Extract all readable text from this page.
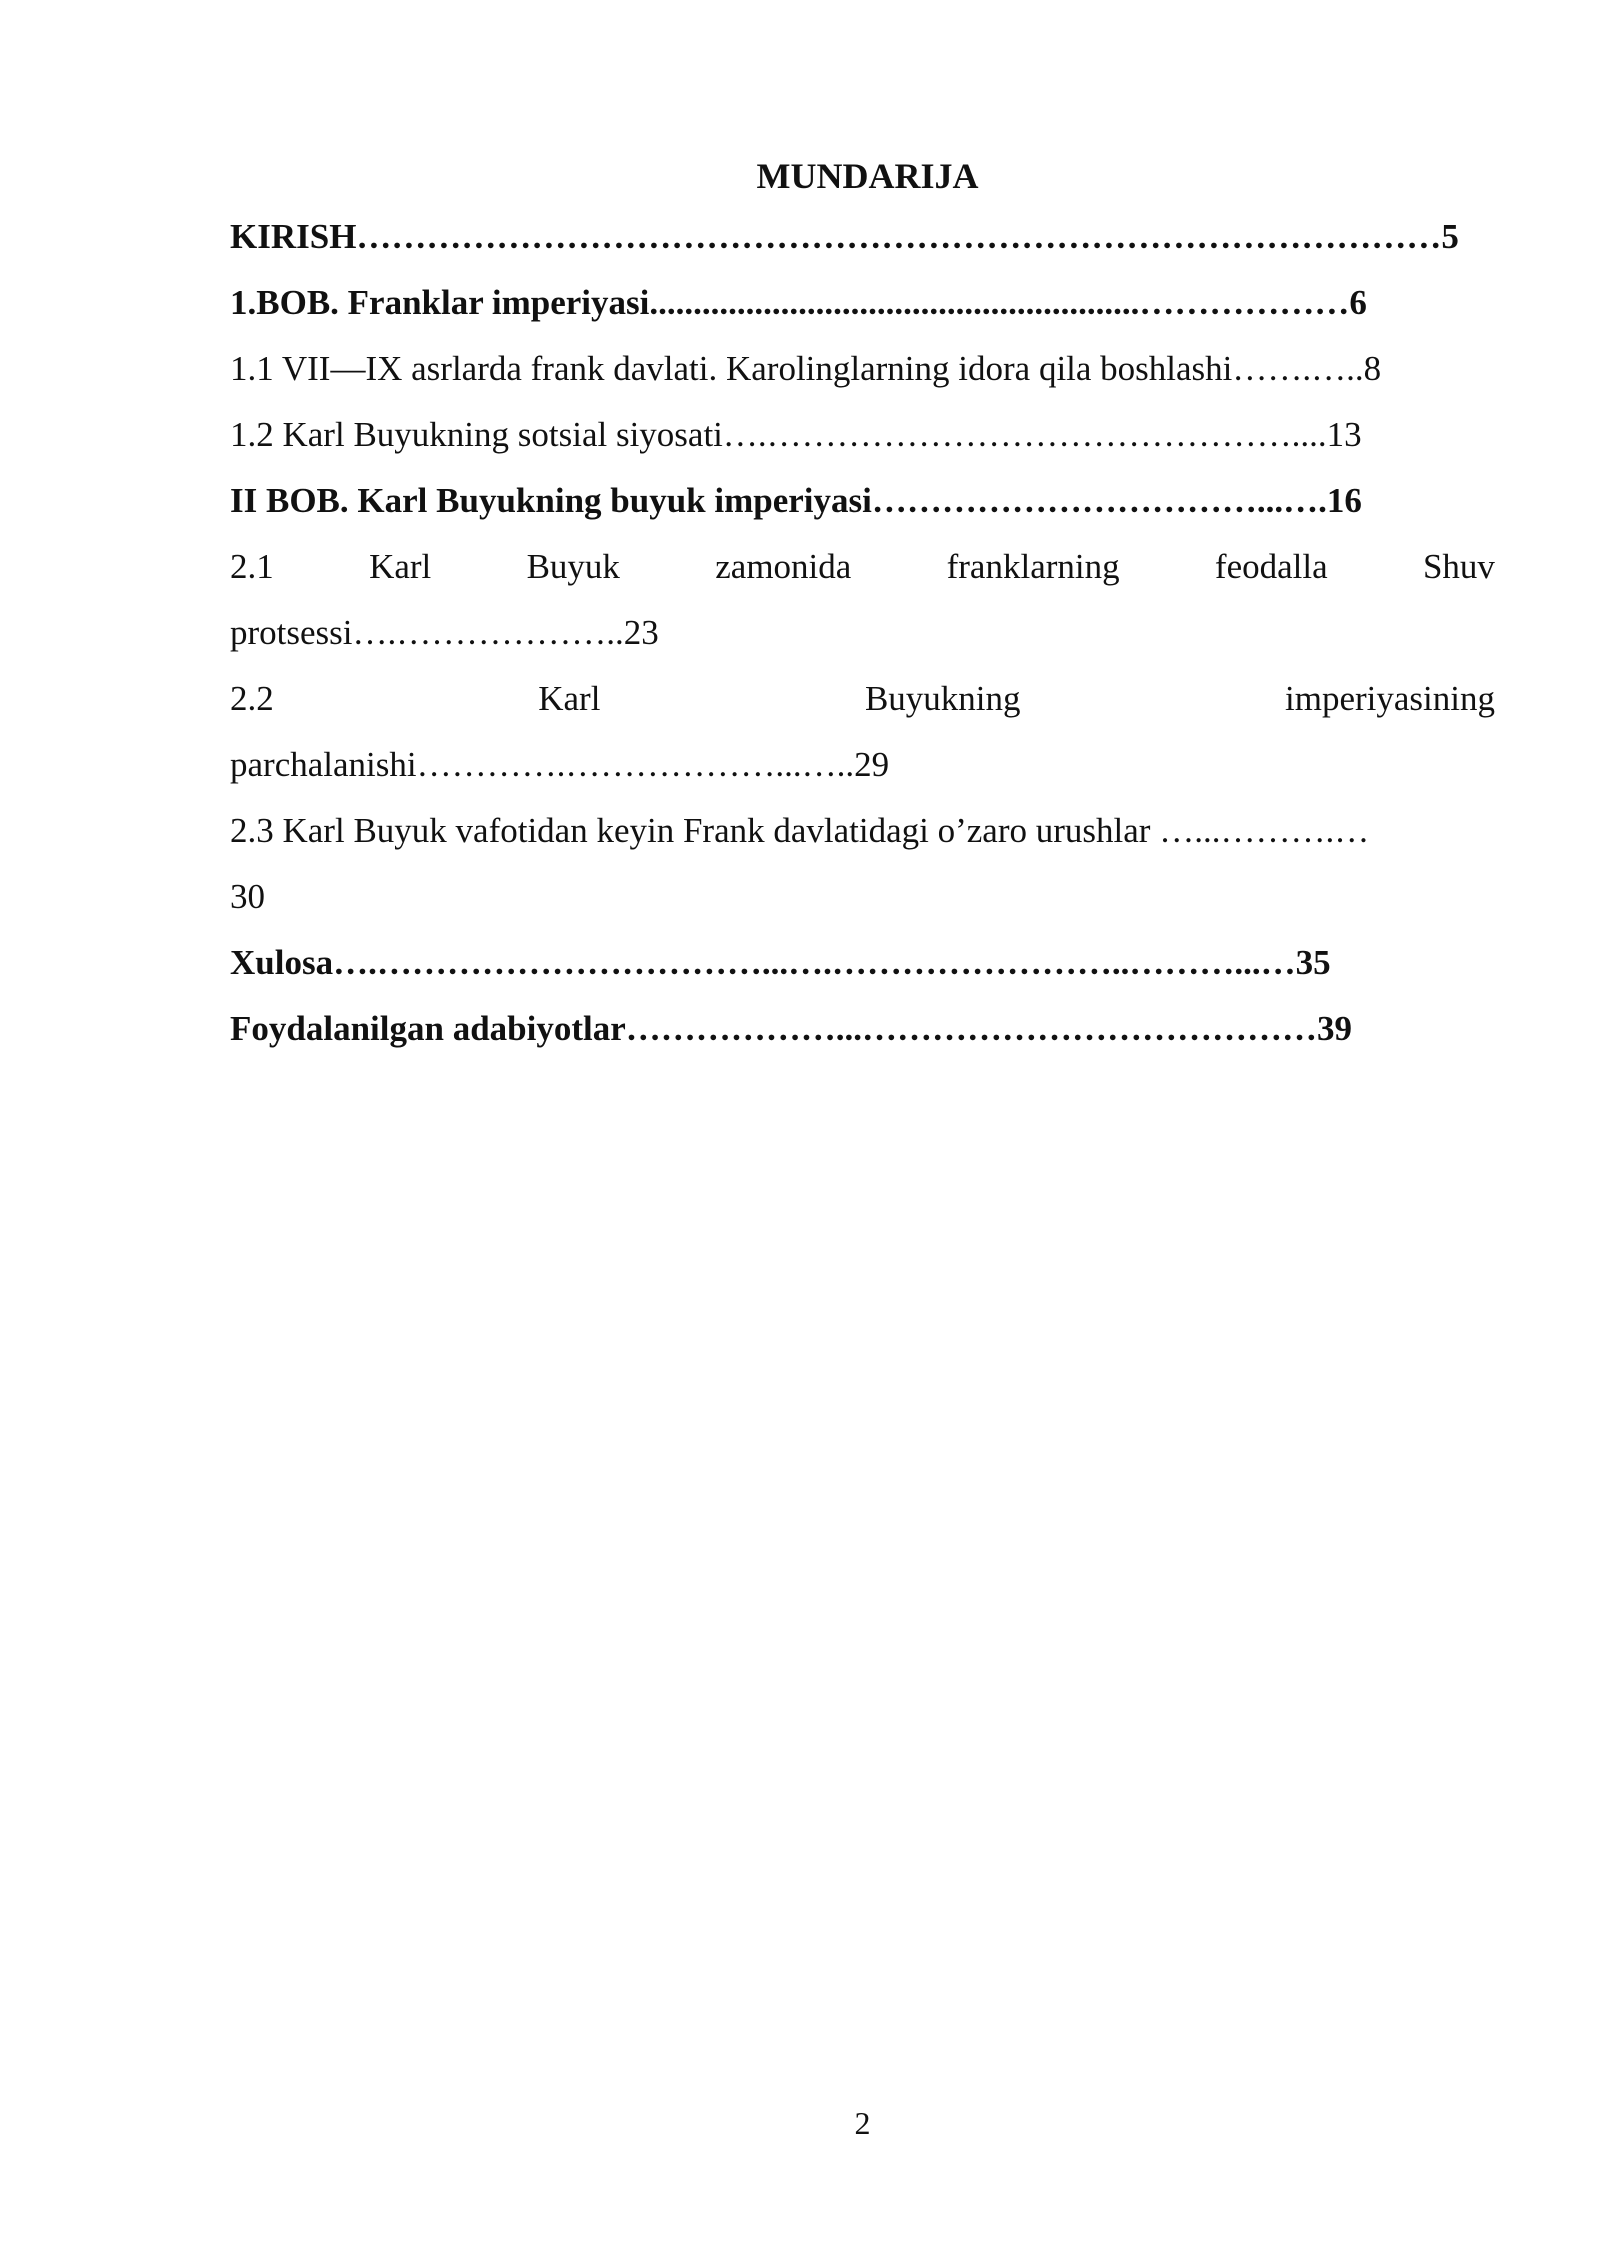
MUNDARIJA
KIRISH…………………………………………………………………………………5
1.BOB. Franklar imperiyasi........................................................………………6
1.1 VII—IX asrlarda frank davlati. Karolinglarning idora qila boshlashi…….…..8
1.2 Karl Buyukning sotsial siyosati….………………………………………....13
II BOB. Karl Buyukning buyuk imperiyasi……………………………...….16
2.1	Karl	Buyuk	zamonida	franklarning	feodalla	Shuv
protsessi….………………..23
2.2	Karl	Buyukning	imperiyasining
parchalanishi………….………………...…..29
2.3 Karl Buyuk vafotidan keyin Frank davlatidagi o’zaro urushlar …...……….…
30
Xulosa….……………………………...….……………………..………...…35
Foydalanilgan adabiyotlar………………...…………………………………39
2
